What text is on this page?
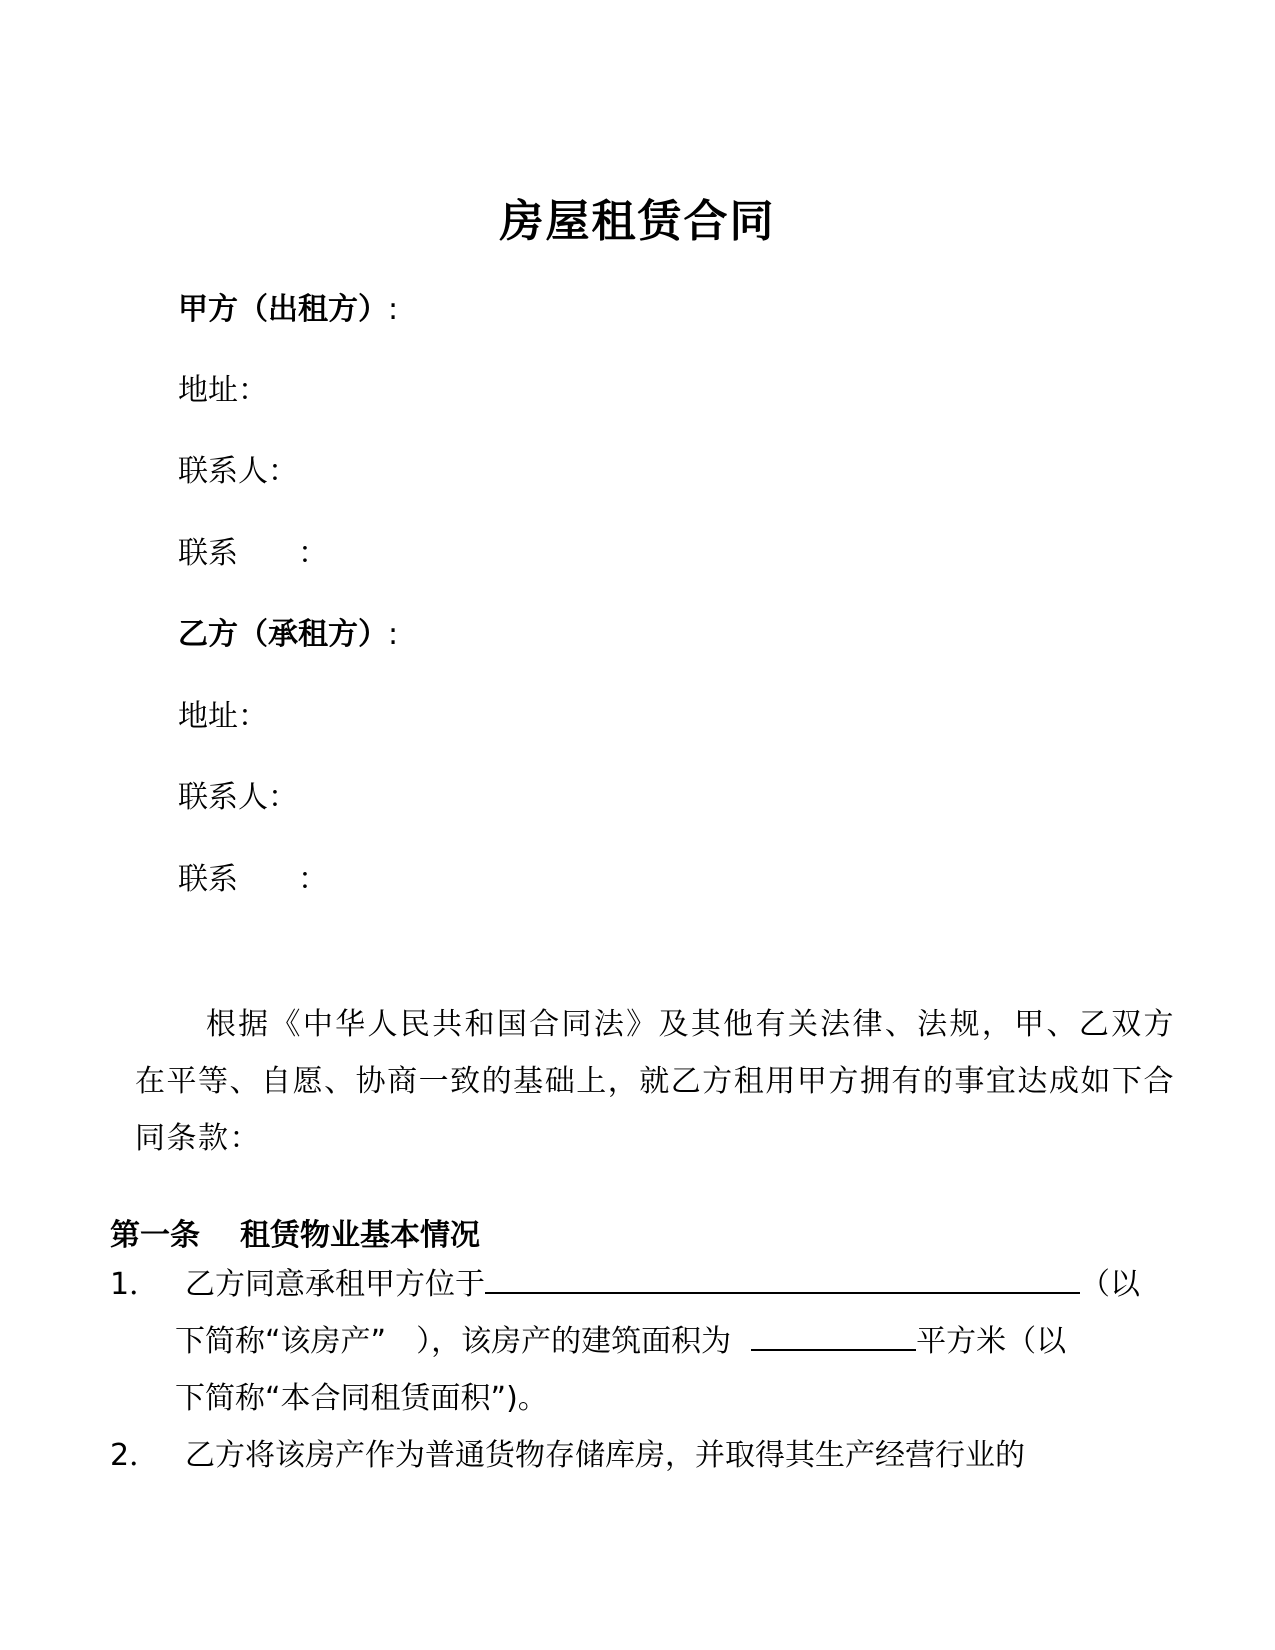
房屋租赁合同
甲方（出租方）:
地址：
联系人：
联系 ：
乙方（承租方）:
地址：
联系人：
联系 ：
根据《中华人民共和国合同法》及其他有关法律、法规，甲、乙双方在平等、自愿、协商一致的基础上，就乙方租用甲方拥有的事宜达成如下合同条款：
第一条 租赁物业基本情况
1． 乙方同意承租甲方位于	（以
下简称“该房产” ），该房产的建筑面积为	平方米（以
下简称“本合同租赁面积”)。
2． 乙方将该房产作为普通货物存储库房，并取得其生产经营行业的
